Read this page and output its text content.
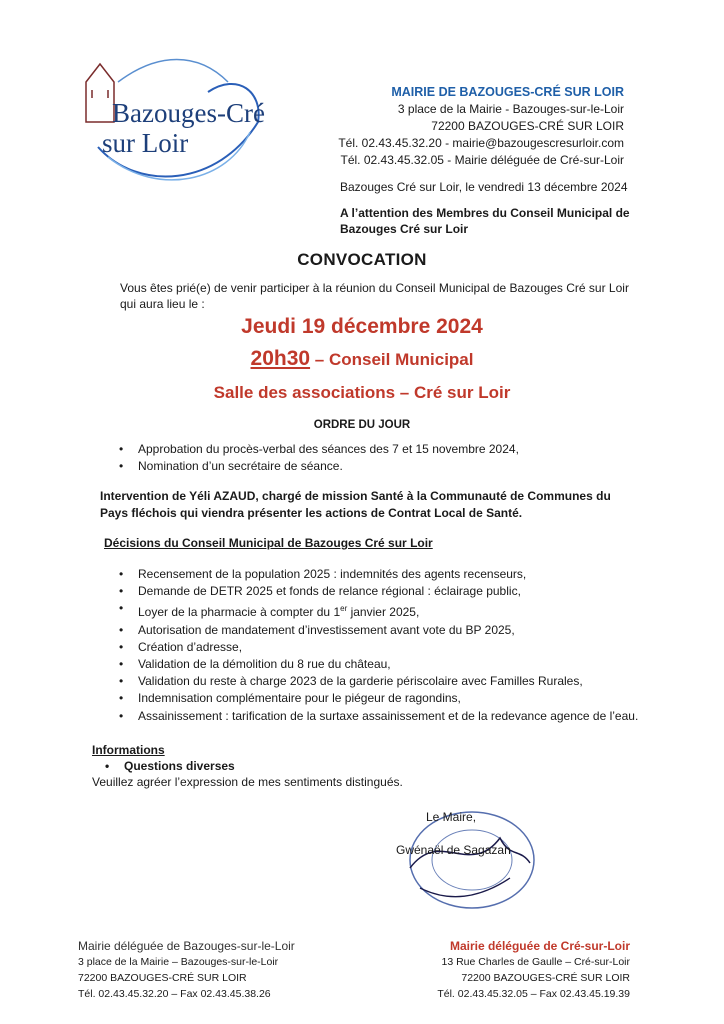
Bazouges-Cré
sur Loir
MAIRIE DE BAZOUGES-CRÉ SUR LOIR
3 place de la Mairie - Bazouges-sur-le-Loir
72200 BAZOUGES-CRÉ SUR LOIR
Tél. 02.43.45.32.20 - mairie@bazougescresurloir.com
Tél. 02.43.45.32.05 - Mairie déléguée de Cré-sur-Loir
Bazouges Cré sur Loir, le vendredi 13 décembre 2024
A l’attention des Membres du Conseil Municipal de Bazouges Cré sur Loir
CONVOCATION
Vous êtes prié(e) de venir participer à la réunion du Conseil Municipal de Bazouges Cré sur Loir qui aura lieu le :
Jeudi 19 décembre 2024
20h30 – Conseil Municipal
Salle des associations – Cré sur Loir
ORDRE DU JOUR
• Approbation du procès-verbal des séances des 7 et 15 novembre 2024,
• Nomination d’un secrétaire de séance.
Intervention de Yéli AZAUD, chargé de mission Santé à la Communauté de Communes du Pays fléchois qui viendra présenter les actions de Contrat Local de Santé.
Décisions du Conseil Municipal de Bazouges Cré sur Loir
• Recensement de la population 2025 : indemnités des agents recenseurs,
• Demande de DETR 2025 et fonds de relance régional : éclairage public,
• Loyer de la pharmacie à compter du 1er janvier 2025,
• Autorisation de mandatement d’investissement avant vote du BP 2025,
• Création d’adresse,
• Validation de la démolition du 8 rue du château,
• Validation du reste à charge 2023 de la garderie périscolaire avec Familles Rurales,
• Indemnisation complémentaire pour le piégeur de ragondins,
• Assainissement : tarification de la surtaxe assainissement et de la redevance agence de l’eau.
Informations
• Questions diverses
Veuillez agréer l’expression de mes sentiments distingués.
Le Maire,
Gwénaël de Sagazan
Mairie déléguée de Bazouges-sur-le-Loir
3 place de la Mairie – Bazouges-sur-le-Loir
72200 BAZOUGES-CRÉ SUR LOIR
Tél. 02.43.45.32.20 – Fax 02.43.45.38.26
Mairie déléguée de Cré-sur-Loir
13 Rue Charles de Gaulle – Cré-sur-Loir
72200 BAZOUGES-CRÉ SUR LOIR
Tél. 02.43.45.32.05 – Fax 02.43.45.19.39
